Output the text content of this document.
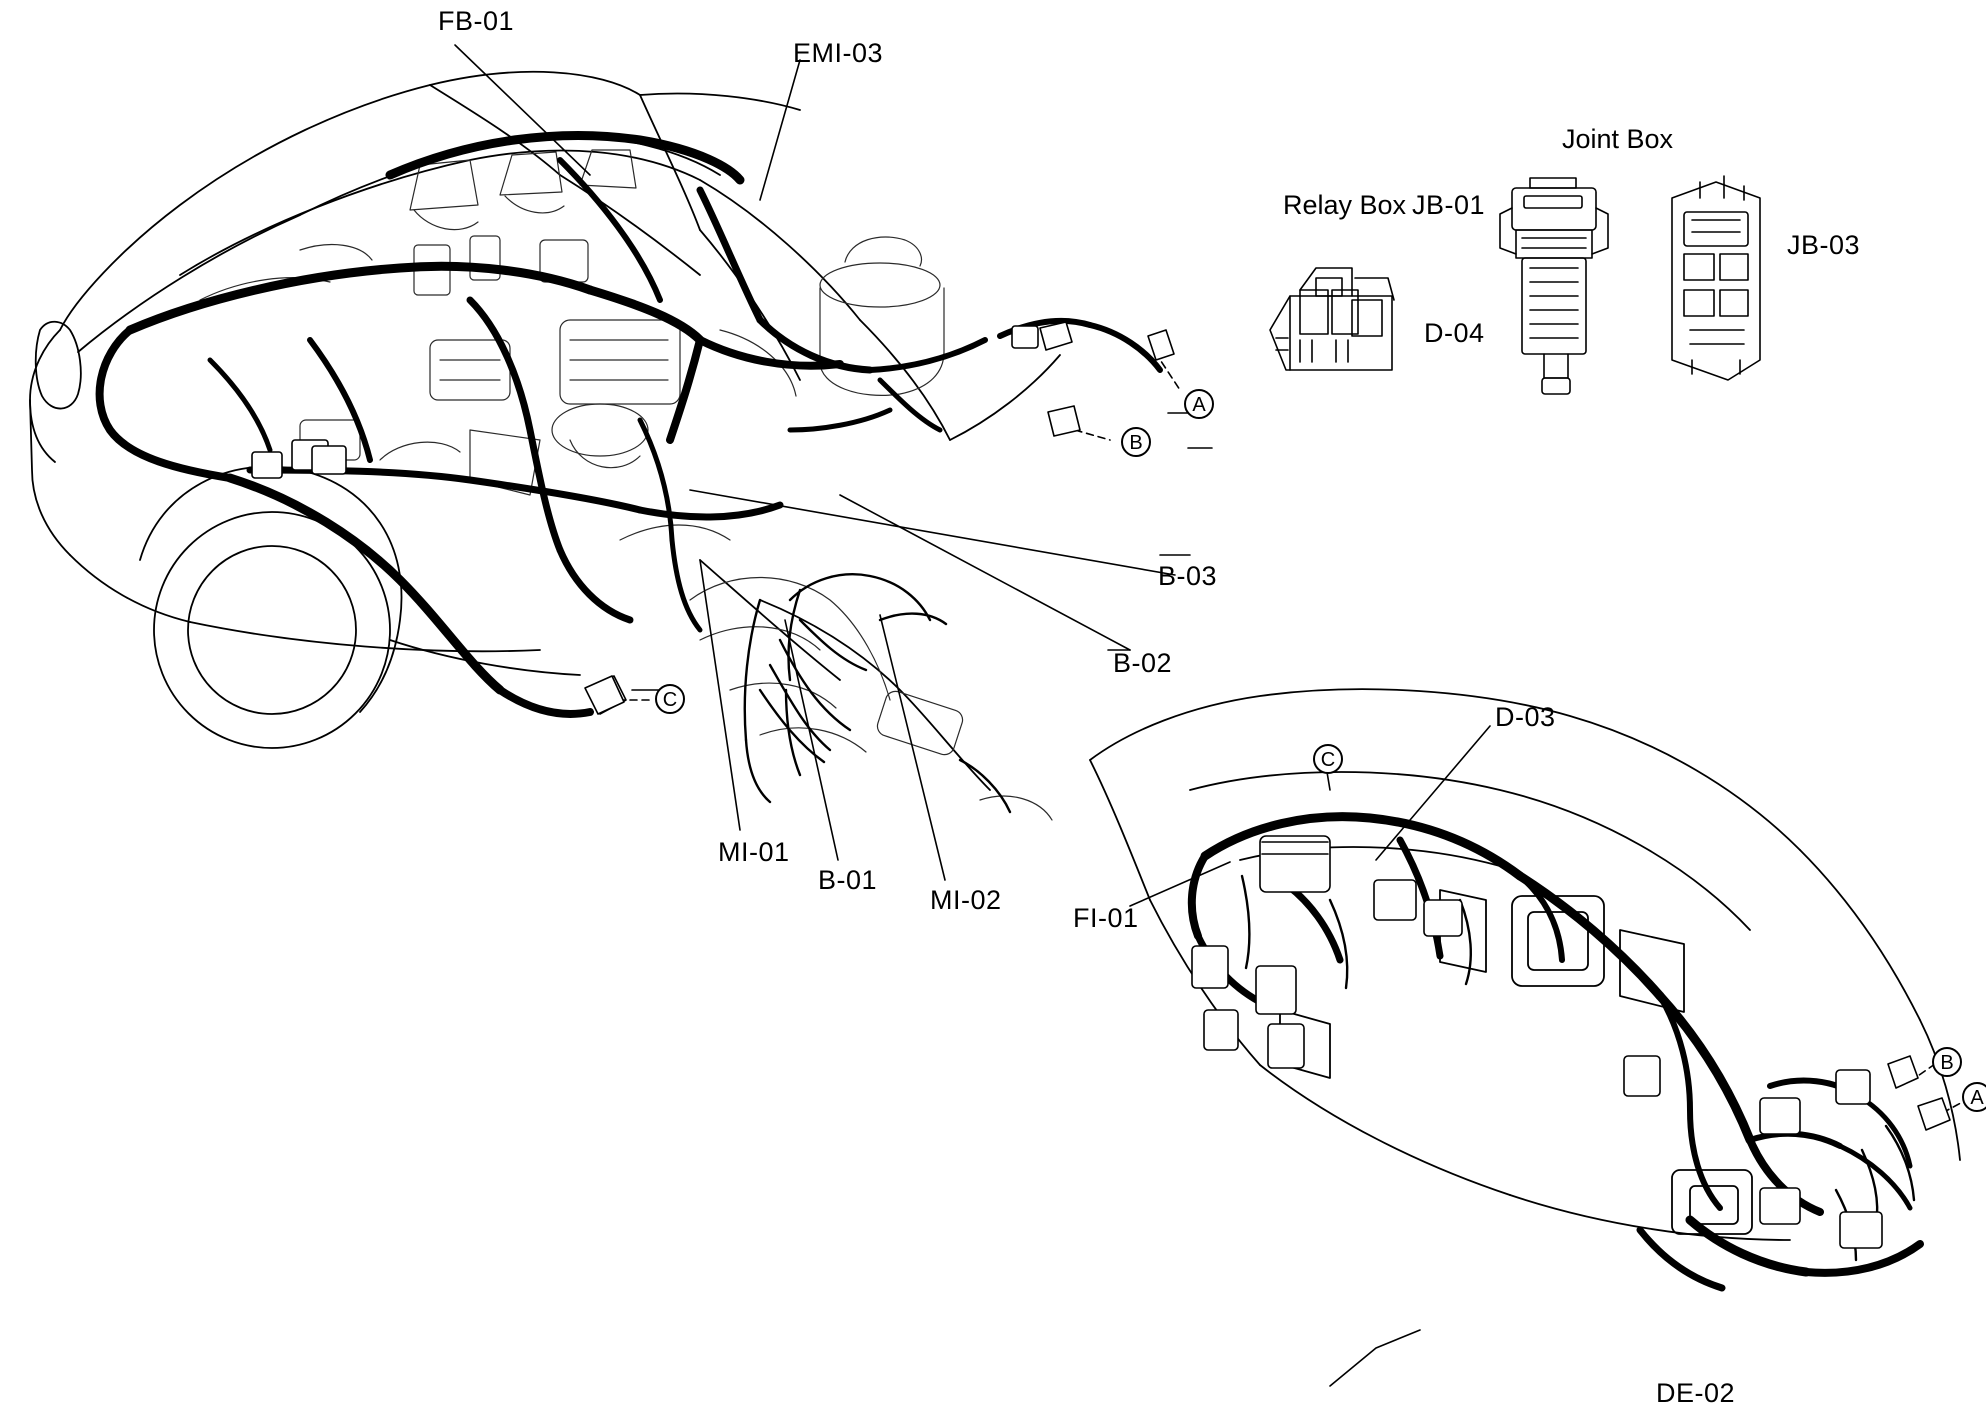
FB-01
EMI-03
Joint Box
Relay Box JB-01
JB-03
D-04
B-03
B-02
MI-01
B-01
MI-02
FI-01
D-03
DE-02
A
B
C
C
B
A
